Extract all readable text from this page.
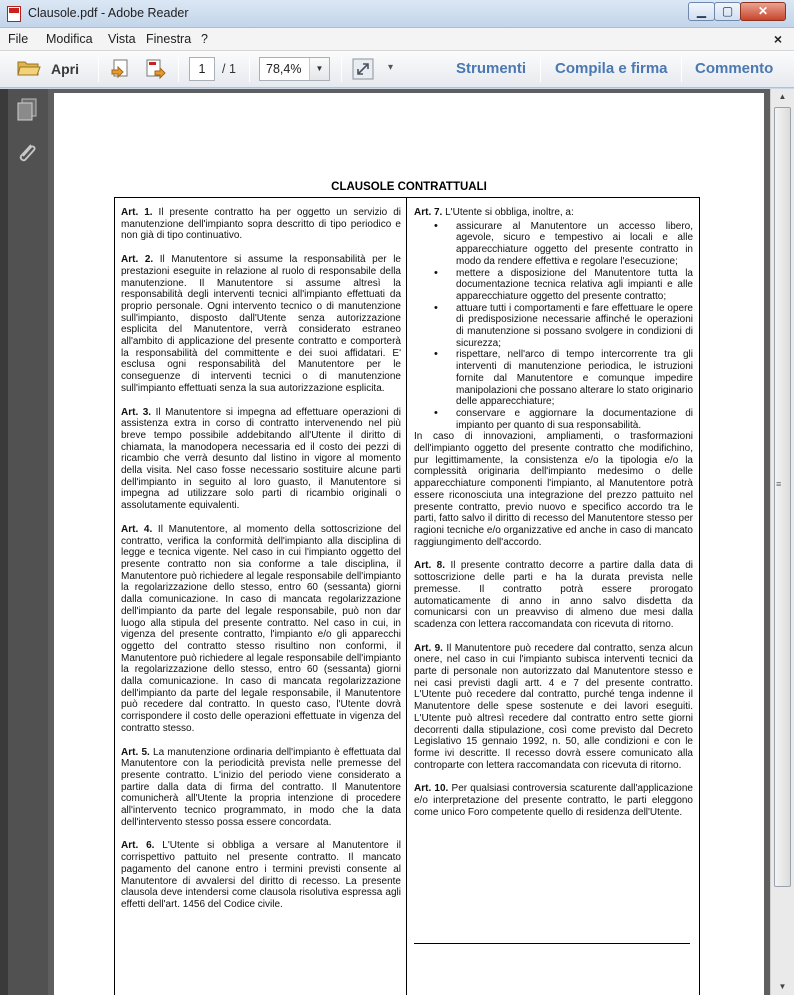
Clausole.pdf - Adobe Reader	▁	▢	✕
File Modifica Vista Finestra ?	×
Apri	1	/ 1 78,4%	▼	▾	Strumenti Compila e firma Commento
CLAUSOLE CONTRATTUALI

Art. 1. Il presente contratto ha per oggetto un servizio di manutenzione dell'impianto sopra descritto di tipo periodico e non già di tipo continuativo.

Art. 2. Il Manutentore si assume la responsabilità per le prestazioni eseguite in relazione al ruolo di responsabile della manutenzione. Il Manutentore si assume altresì la responsabilità degli interventi tecnici all'impianto effettuati da proprio personale. Ogni intervento tecnico o di manutenzione sull'impianto, disposto dall'Utente senza autorizzazione esplicita del Manutentore, verrà considerato estraneo all'ambito di applicazione del presente contratto e comporterà la responsabilità del committente e dei suoi affidatari. E' esclusa ogni responsabilità del Manutentore per le conseguenze di interventi tecnici o di manutenzione sull'impianto effettuati senza la sua autorizzazione esplicita.

Art. 3. Il Manutentore si impegna ad effettuare operazioni di assistenza extra in corso di contratto intervenendo nel più breve tempo possibile addebitando all'Utente il diritto di chiamata, la manodopera necessaria ed il costo dei pezzi di ricambio che verrà desunto dal listino in vigore al momento della visita. Nel caso fosse necessario sostituire alcune parti dell'impianto in seguito al loro guasto, il Manutentore si impegna ad utilizzare solo parti di ricambio originali o assolutamente equivalenti.

Art. 4. Il Manutentore, al momento della sottoscrizione del contratto, verifica la conformità dell'impianto alla disciplina di legge e tecnica vigente. Nel caso in cui l'impianto oggetto del presente contratto non sia conforme a tale disciplina, il Manutentore può richiedere al legale responsabile dell'impianto la regolarizzazione dello stesso, entro 60 (sessanta) giorni dalla comunicazione. In caso di mancata regolarizzazione dell'impianto da parte del legale responsabile, può non dar luogo alla stipula del presente contratto. Nel caso in cui, in vigenza del presente contratto, l'impianto e/o gli apparecchi oggetto del contratto stesso risultino non conformi, il Manutentore può richiedere al legale responsabile dell'impianto la regolarizzazione dello stesso, entro 60 (sessanta) giorni dalla comunicazione. In caso di mancata regolarizzazione dell'impianto da parte del legale responsabile, il Manutentore può recedere dal contratto. In questo caso, l'Utente dovrà corrispondere il costo delle operazioni effettuate in vigenza del contratto stesso.

Art. 5. La manutenzione ordinaria dell'impianto è effettuata dal Manutentore con la periodicità prevista nelle premesse del presente contratto. L'inizio del periodo viene considerato a partire dalla data di firma del contratto. Il Manutentore comunicherà all'Utente la propria intenzione di procedere all'intervento tecnico programmato, in modo che la data dell'intervento stesso possa essere concordata.

Art. 6. L'Utente si obbliga a versare al Manutentore il corrispettivo pattuito nel presente contratto. Il mancato pagamento del canone entro i termini previsti consente al Manutentore di avvalersi del diritto di recesso. La presente clausola deve intendersi come clausola risolutiva espressa agli effetti dell'art. 1456 del Codice civile.

Art. 7. L'Utente si obbliga, inoltre, a:

• assicurare al Manutentore un accesso libero, agevole, sicuro e tempestivo ai locali e alle apparecchiature oggetto del presente contratto in modo da rendere effettiva e regolare l'esecuzione;
• mettere a disposizione del Manutentore tutta la documentazione tecnica relativa agli impianti e alle apparecchiature oggetto del presente contratto;
• attuare tutti i comportamenti e fare effettuare le opere di predisposizione necessarie affinché le operazioni di manutenzione si possano svolgere in condizioni di sicurezza;
• rispettare, nell'arco di tempo intercorrente tra gli interventi di manutenzione periodica, le istruzioni fornite dal Manutentore e comunque impedire manipolazioni che possano alterare lo stato originario delle apparecchiature;
• conservare e aggiornare la documentazione di impianto per quanto di sua responsabilità.

In caso di innovazioni, ampliamenti, o trasformazioni dell'impianto oggetto del presente contratto che modifichino, pur legittimamente, la consistenza e/o la tipologia e/o la complessità originaria dell'impianto medesimo o delle apparecchiature componenti l'impianto, al Manutentore potrà essere riconosciuta una integrazione del prezzo pattuito nel presente contratto, previo nuovo e specifico accordo tra le parti, fatto salvo il diritto di recesso del Manutentore stesso per ragioni tecniche e/o organizzative ed anche in caso di mancato raggiungimento dell'accordo.

Art. 8. Il presente contratto decorre a partire dalla data di sottoscrizione delle parti e ha la durata prevista nelle premesse. Il contratto potrà essere prorogato automaticamente di anno in anno salvo disdetta da comunicarsi con un preavviso di almeno due mesi dalla scadenza con lettera raccomandata con ricevuta di ritorno.

Art. 9. Il Manutentore può recedere dal contratto, senza alcun onere, nel caso in cui l'impianto subisca interventi tecnici da parte di personale non autorizzato dal Manutentore stesso e nei casi previsti dagli artt. 4 e 7 del presente contratto. L'Utente può recedere dal contratto, purché tenga indenne il Manutentore delle spese sostenute e dei lavori eseguiti. L'Utente può altresì recedere dal contratto entro sette giorni decorrenti dalla stipulazione, così come previsto dal Decreto Legislativo 15 gennaio 1992, n. 50, alle condizioni e con le forme ivi descritte. Il recesso dovrà essere comunicato alla controparte con lettera raccomandata con ricevuta di ritorno.

Art. 10. Per qualsiasi controversia scaturente dall'applicazione e/o interpretazione del presente contratto, le parti eleggono come unico Foro competente quello di residenza dell'Utente.

▲
≡
▼
